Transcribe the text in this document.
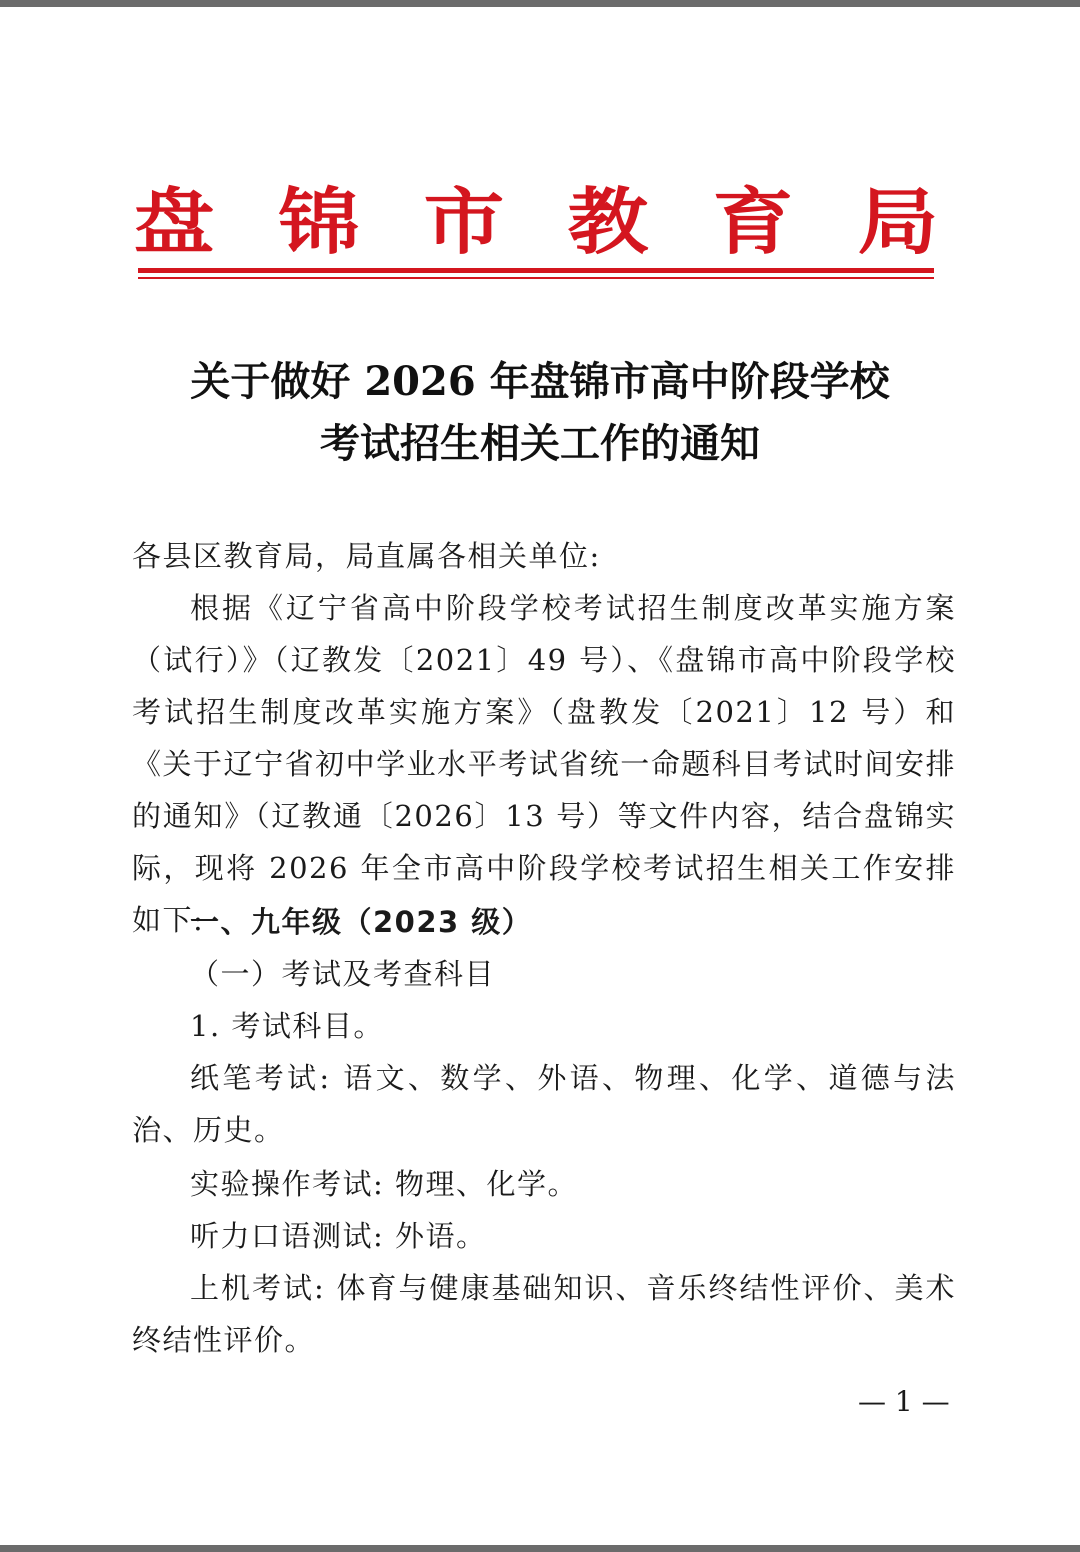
盘 锦 市 教 育 局
关于做好 2026 年盘锦市高中阶段学校
考试招生相关工作的通知
各县区教育局，局直属各相关单位:
根据《辽宁省高中阶段学校考试招生制度改革实施方案（试行）》（辽教发〔2021〕49 号）、《盘锦市高中阶段学校考试招生制度改革实施方案》（盘教发〔2021〕12 号）和《关于辽宁省初中学业水平考试省统一命题科目考试时间安排的通知》（辽教通〔2026〕13 号）等文件内容，结合盘锦实际，现将 2026 年全市高中阶段学校考试招生相关工作安排如下:
一、九年级（2023 级）
（一）考试及考查科目
1. 考试科目。
纸笔考试: 语文、数学、外语、物理、化学、道德与法治、历史。
实验操作考试: 物理、化学。
听力口语测试: 外语。
上机考试: 体育与健康基础知识、音乐终结性评价、美术终结性评价。
— 1 —
